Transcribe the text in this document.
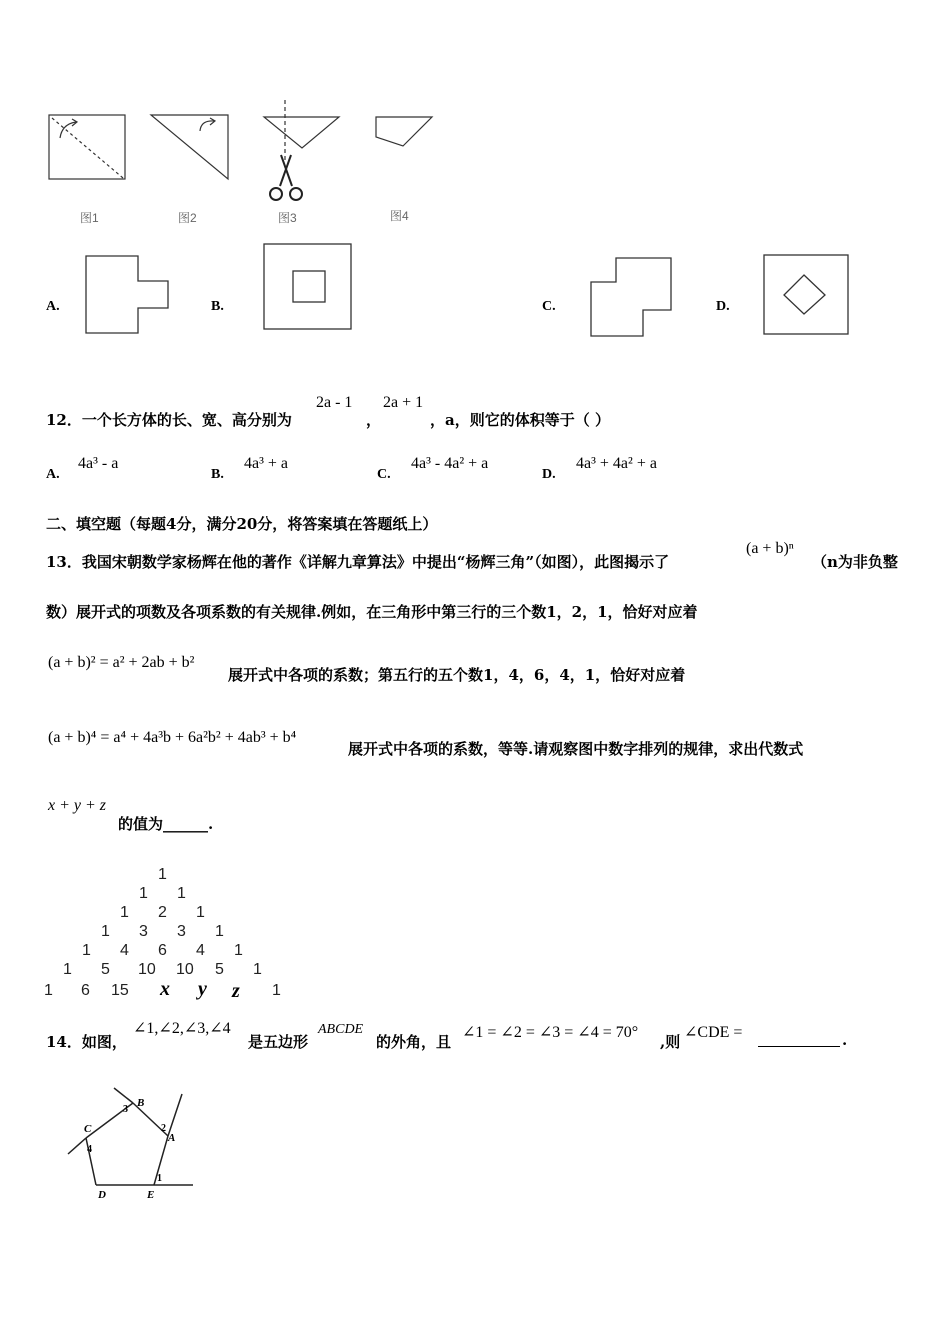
图1	图2	图3	图4
A.	B.	C.	D.
12．一个长方体的长、宽、高分别为
2a - 1
，
2a + 1
，a，则它的体积等于（ ）
A.
4a³ - a
B.
4a³ + a
C.
4a³ - 4a² + a
D.
4a³ + 4a² + a
二、填空题（每题4分，满分20分，将答案填在答题纸上）
13．我国宋朝数学家杨辉在他的著作《详解九章算法》中提出“杨辉三角”（如图），此图揭示了
(a + b)ⁿ
（n为非负整
数）展开式的项数及各项系数的有关规律.例如，在三角形中第三行的三个数1，2，1，恰好对应着
(a + b)² = a² + 2ab + b²
展开式中各项的系数；第五行的五个数1，4，6，4，1，恰好对应着
(a + b)⁴ = a⁴ + 4a³b + 6a²b² + 4ab³ + b⁴
展开式中各项的系数，等等.请观察图中数字排列的规律，求出代数式
x + y + z
的值为______.
1
1 1
1 2 1
1 3 3 1
1 4 6 4 1
1 5 10 10 5 1
1 6 15 x y z 1
14．如图，
∠1,∠2,∠3,∠4
是五边形
ABCDE
的外角，且
∠1 = ∠2 = ∠3 = ∠4 = 70°
,则
∠CDE =	.
B
A
C
D	E
1
2
3
4
